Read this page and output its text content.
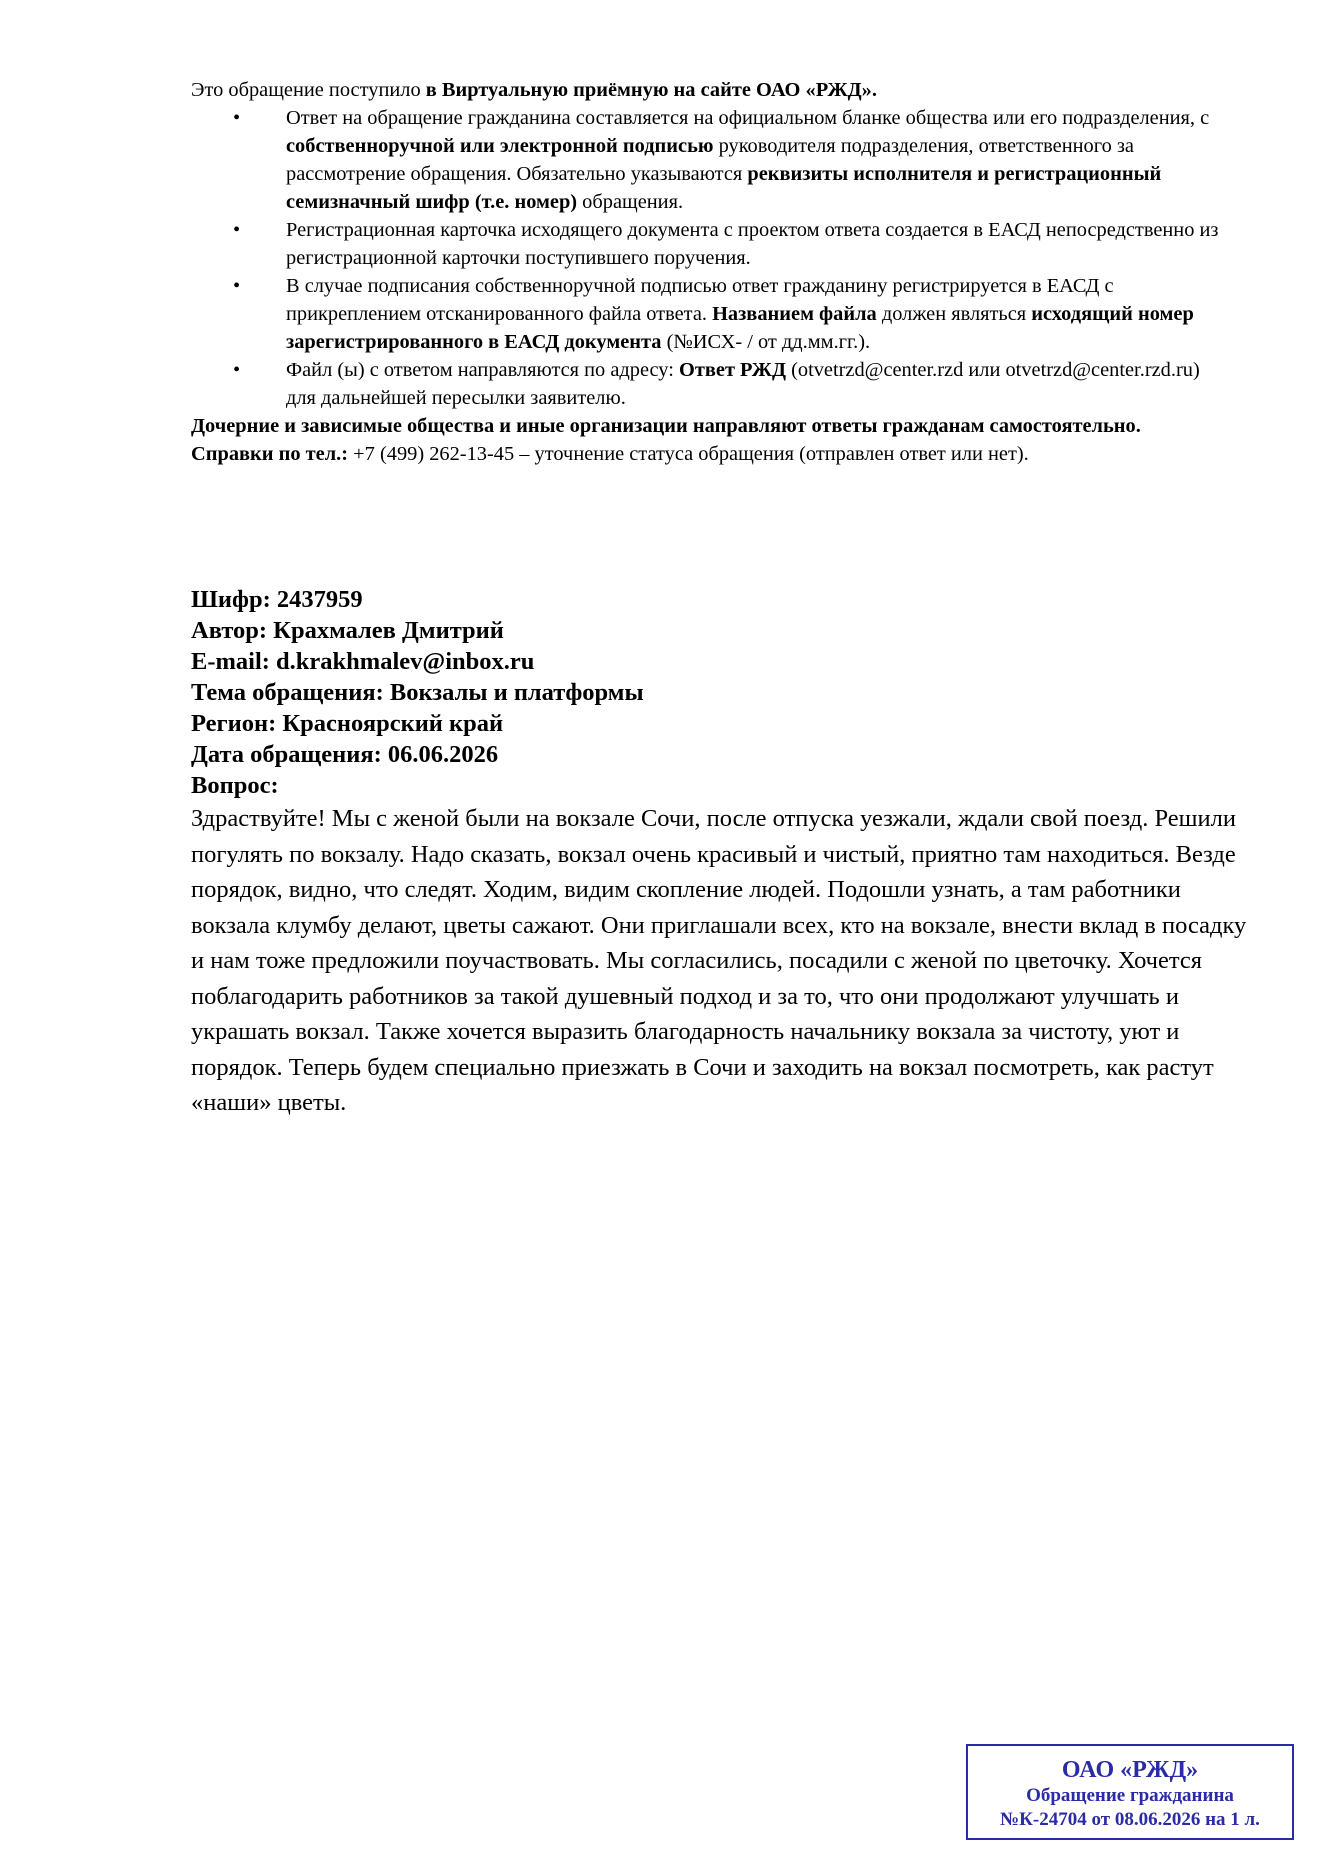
Это обращение поступило в Виртуальную приёмную на сайте ОАО «РЖД».

• Ответ на обращение гражданина составляется на официальном бланке общества или его подразделения, с собственноручной или электронной подписью руководителя подразделения, ответственного за рассмотрение обращения. Обязательно указываются реквизиты исполнителя и регистрационный семизначный шифр (т.е. номер) обращения.
• Регистрационная карточка исходящего документа с проектом ответа создается в ЕАСД непосредственно из регистрационной карточки поступившего поручения.
• В случае подписания собственноручной подписью ответ гражданину регистрируется в ЕАСД с прикреплением отсканированного файла ответа. Названием файла должен являться исходящий номер зарегистрированного в ЕАСД документа (№ИСХ- / от дд.мм.гг.).
• Файл (ы) с ответом направляются по адресу: Ответ РЖД (otvetrzd@center.rzd или otvetrzd@center.rzd.ru) для дальнейшей пересылки заявителю.

Дочерние и зависимые общества и иные организации направляют ответы гражданам самостоятельно.

Справки по тел.: +7 (499) 262-13-45 – уточнение статуса обращения (отправлен ответ или нет).

Шифр: 2437959
Автор: Крахмалев Дмитрий
E-mail: d.krakhmalev@inbox.ru
Тема обращения: Вокзалы и платформы
Регион: Красноярский край
Дата обращения: 06.06.2026
Вопрос:

Здраствуйте! Мы с женой были на вокзале Сочи, после отпуска уезжали, ждали свой поезд. Решили погулять по вокзалу. Надо сказать, вокзал очень красивый и чистый, приятно там находиться. Везде порядок, видно, что следят. Ходим, видим скопление людей. Подошли узнать, а там работники вокзала клумбу делают, цветы сажают. Они приглашали всех, кто на вокзале, внести вклад в посадку и нам тоже предложили поучаствовать. Мы согласились, посадили с женой по цветочку. Хочется поблагодарить работников за такой душевный подход и за то, что они продолжают улучшать и украшать вокзал. Также хочется выразить благодарность начальнику вокзала за чистоту, уют и порядок. Теперь будем специально приезжать в Сочи и заходить на вокзал посмотреть, как растут «наши» цветы.

ОАО «РЖД»
Обращение гражданина
№К-24704 от 08.06.2026 на 1 л.
